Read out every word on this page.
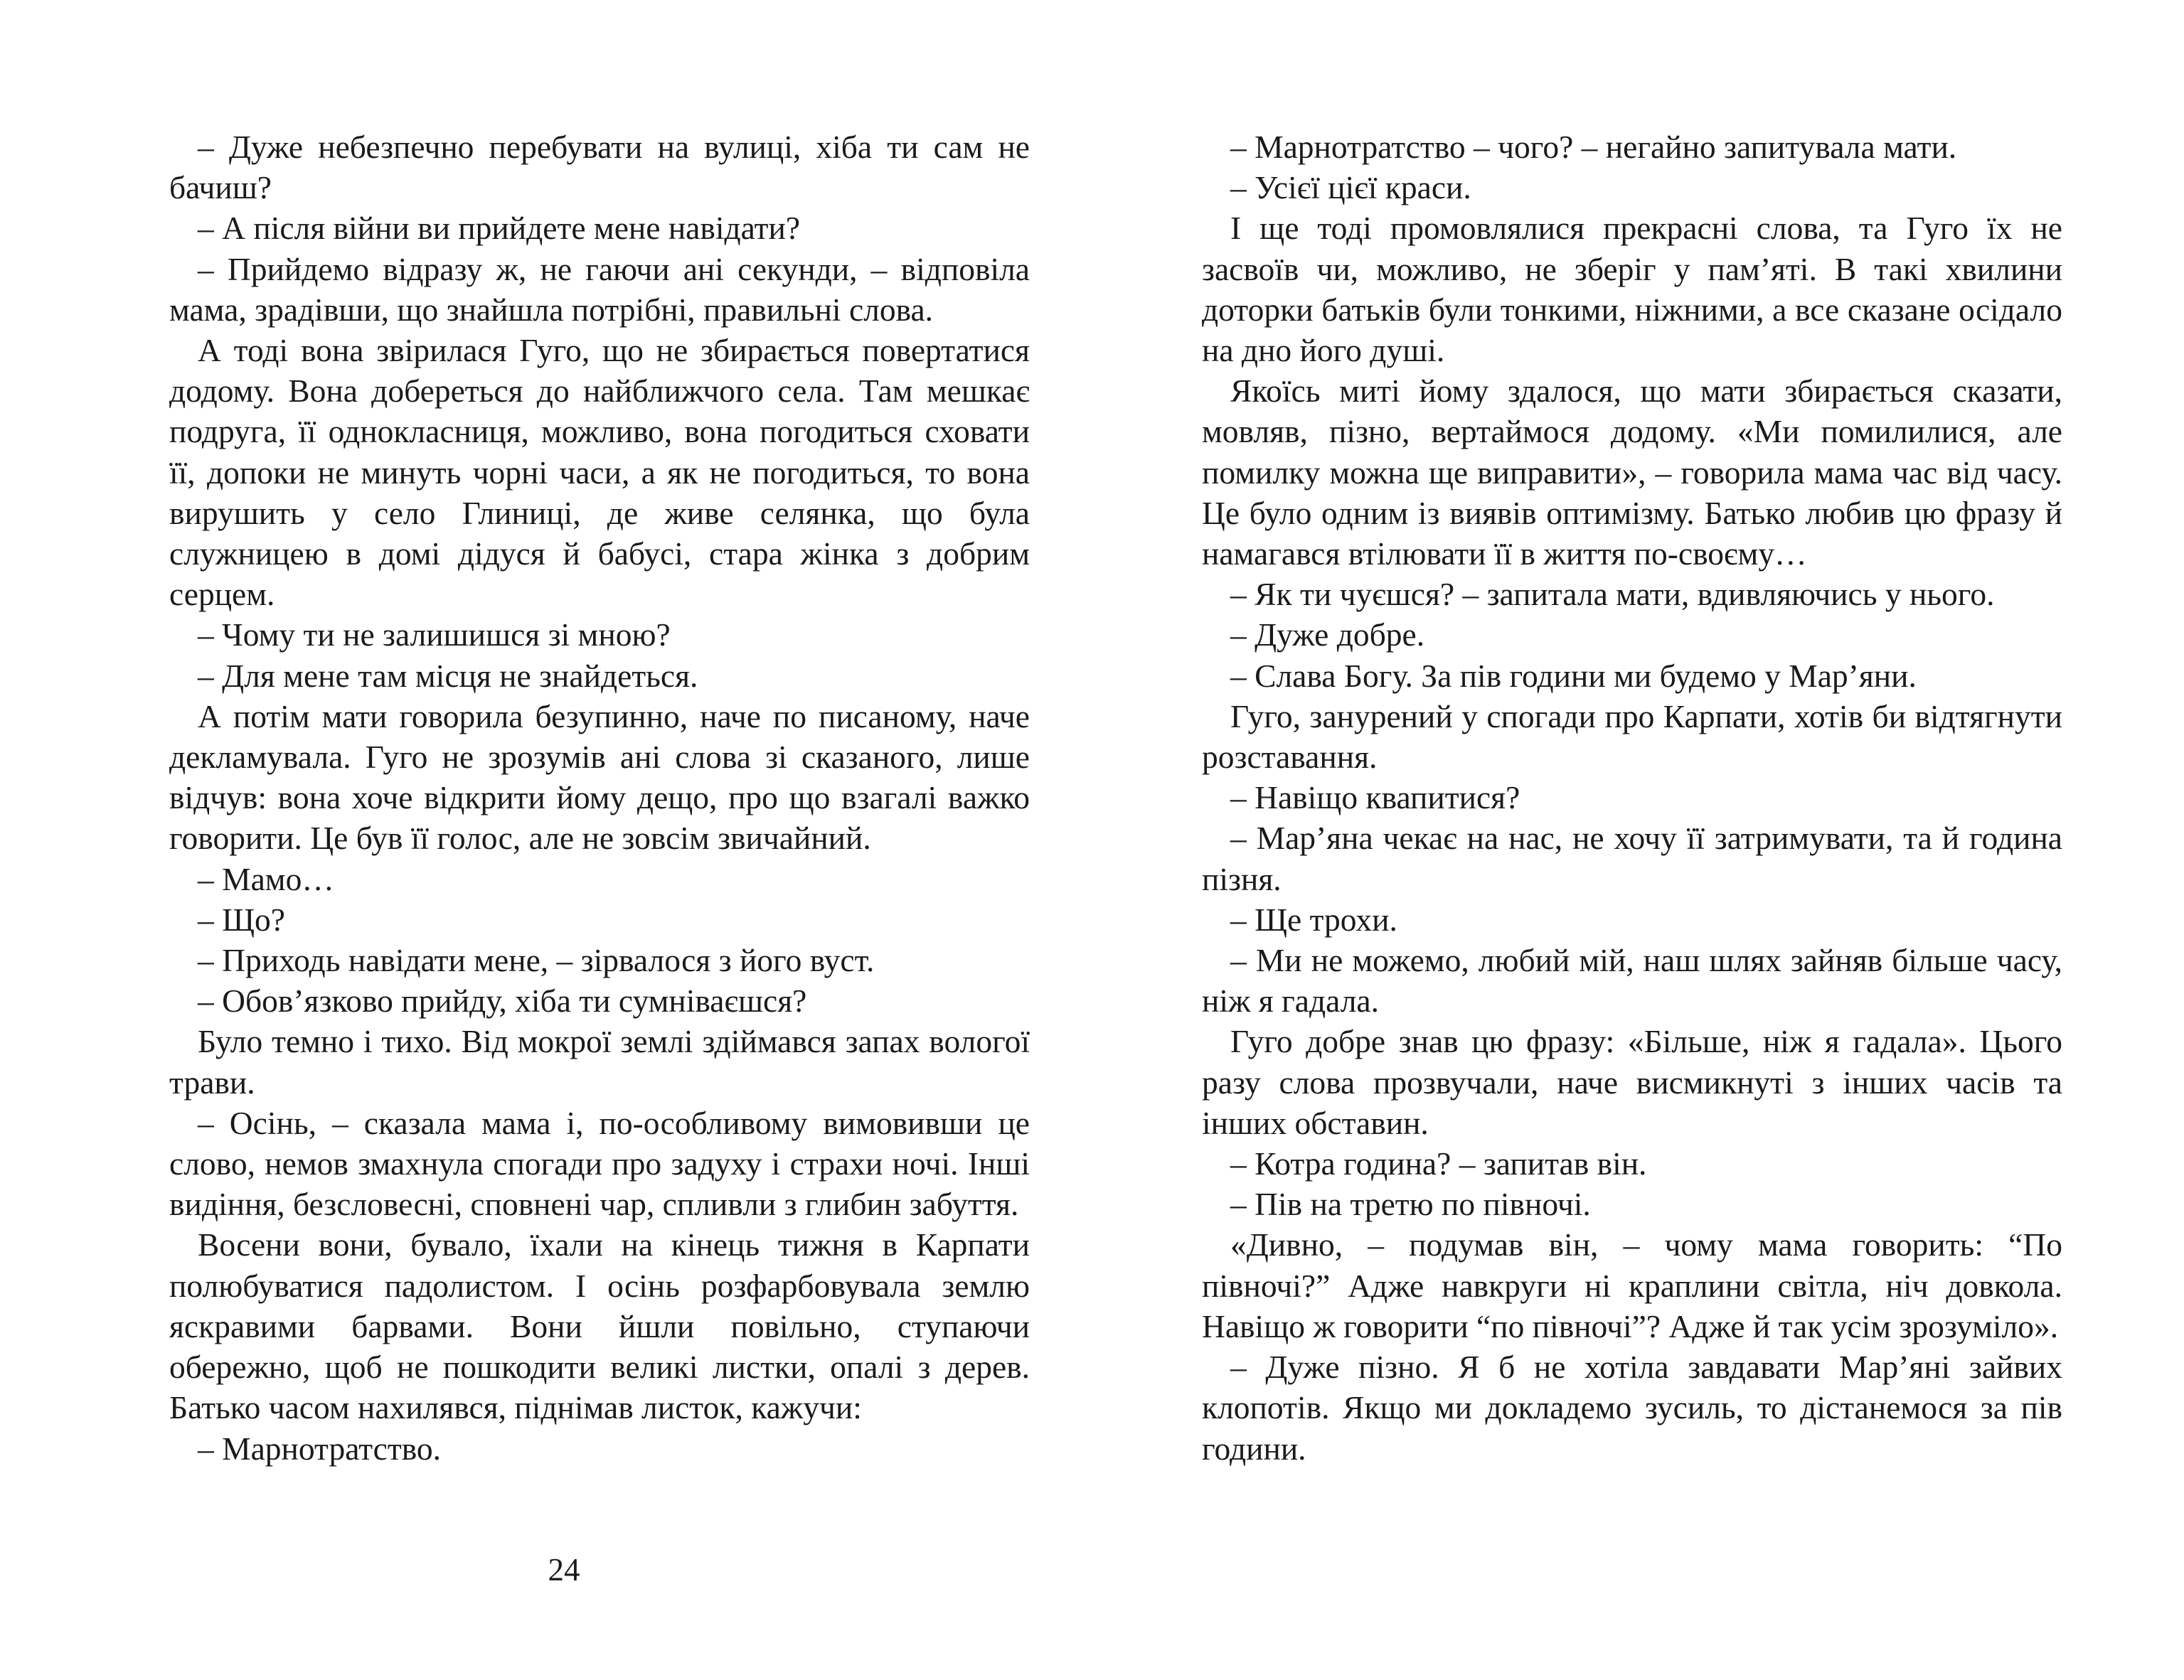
– Дуже небезпечно перебувати на вулиці, хіба ти сам не бачиш?

– А після війни ви прийдете мене навідати?

– Прийдемо відразу ж, не гаючи ані секунди, – відповіла мама, зрадівши, що знайшла потрібні, правильні слова.

А тоді вона звірилася Гуго, що не збирається повертатися додому. Вона добереться до найближчого села. Там мешкає подруга, її однокласниця, можливо, вона погодиться сховати її, допоки не минуть чорні часи, а як не погодиться, то вона вирушить у село Глиниці, де живе селянка, що була служницею в домі дідуся й бабусі, стара жінка з добрим серцем.

– Чому ти не залишишся зі мною?

– Для мене там місця не знайдеться.

А потім мати говорила безупинно, наче по писаному, наче декламувала. Гуго не зрозумів ані слова зі сказаного, лише відчув: вона хоче відкрити йому дещо, про що взагалі важко говорити. Це був її голос, але не зовсім звичайний.

– Мамо…

– Що?

– Приходь навідати мене, – зірвалося з його вуст.

– Обов’язково прийду, хіба ти сумніваєшся?

Було темно і тихо. Від мокрої землі здіймався запах вологої трави.

– Осінь, – сказала мама і, по-особливому вимовивши це слово, немов змахнула спогади про задуху і страхи ночі. Інші видіння, безсловесні, сповнені чар, спливли з глибин забуття.

Восени вони, бувало, їхали на кінець тижня в Карпати полюбуватися падолистом. І осінь розфарбовувала землю яскравими барвами. Вони йшли повільно, ступаючи обережно, щоб не пошкодити великі листки, опалі з дерев. Батько часом нахилявся, піднімав листок, кажучи:

– Марнотратство.

24

– Марнотратство – чого? – негайно запитувала мати.

– Усієї цієї краси.

І ще тоді промовлялися прекрасні слова, та Гуго їх не засвоїв чи, можливо, не зберіг у пам’яті. В такі хвилини доторки батьків були тонкими, ніжними, а все сказане осідало на дно його душі.

Якоїсь миті йому здалося, що мати збирається сказати, мовляв, пізно, вертаймося додому. «Ми помилилися, але помилку можна ще виправити», – говорила мама час від часу. Це було одним із виявів оптимізму. Батько любив цю фразу й намагався втілювати її в життя по-своєму…

– Як ти чуєшся? – запитала мати, вдивляючись у нього.

– Дуже добре.

– Слава Богу. За пів години ми будемо у Мар’яни.

Гуго, занурений у спогади про Карпати, хотів би відтягнути розставання.

– Навіщо квапитися?

– Мар’яна чекає на нас, не хочу її затримувати, та й година пізня.

– Ще трохи.

– Ми не можемо, любий мій, наш шлях зайняв більше часу, ніж я гадала.

Гуго добре знав цю фразу: «Більше, ніж я гадала». Цього разу слова прозвучали, наче висмикнуті з інших часів та інших обставин.

– Котра година? – запитав він.

– Пів на третю по півночі.

«Дивно, – подумав він, – чому мама говорить: “По півночі?” Адже навкруги ні краплини світла, ніч довкола. Навіщо ж говорити “по півночі”? Адже й так усім зрозуміло».

– Дуже пізно. Я б не хотіла завдавати Мар’яні зайвих клопотів. Якщо ми докладемо зусиль, то дістанемося за пів години.
